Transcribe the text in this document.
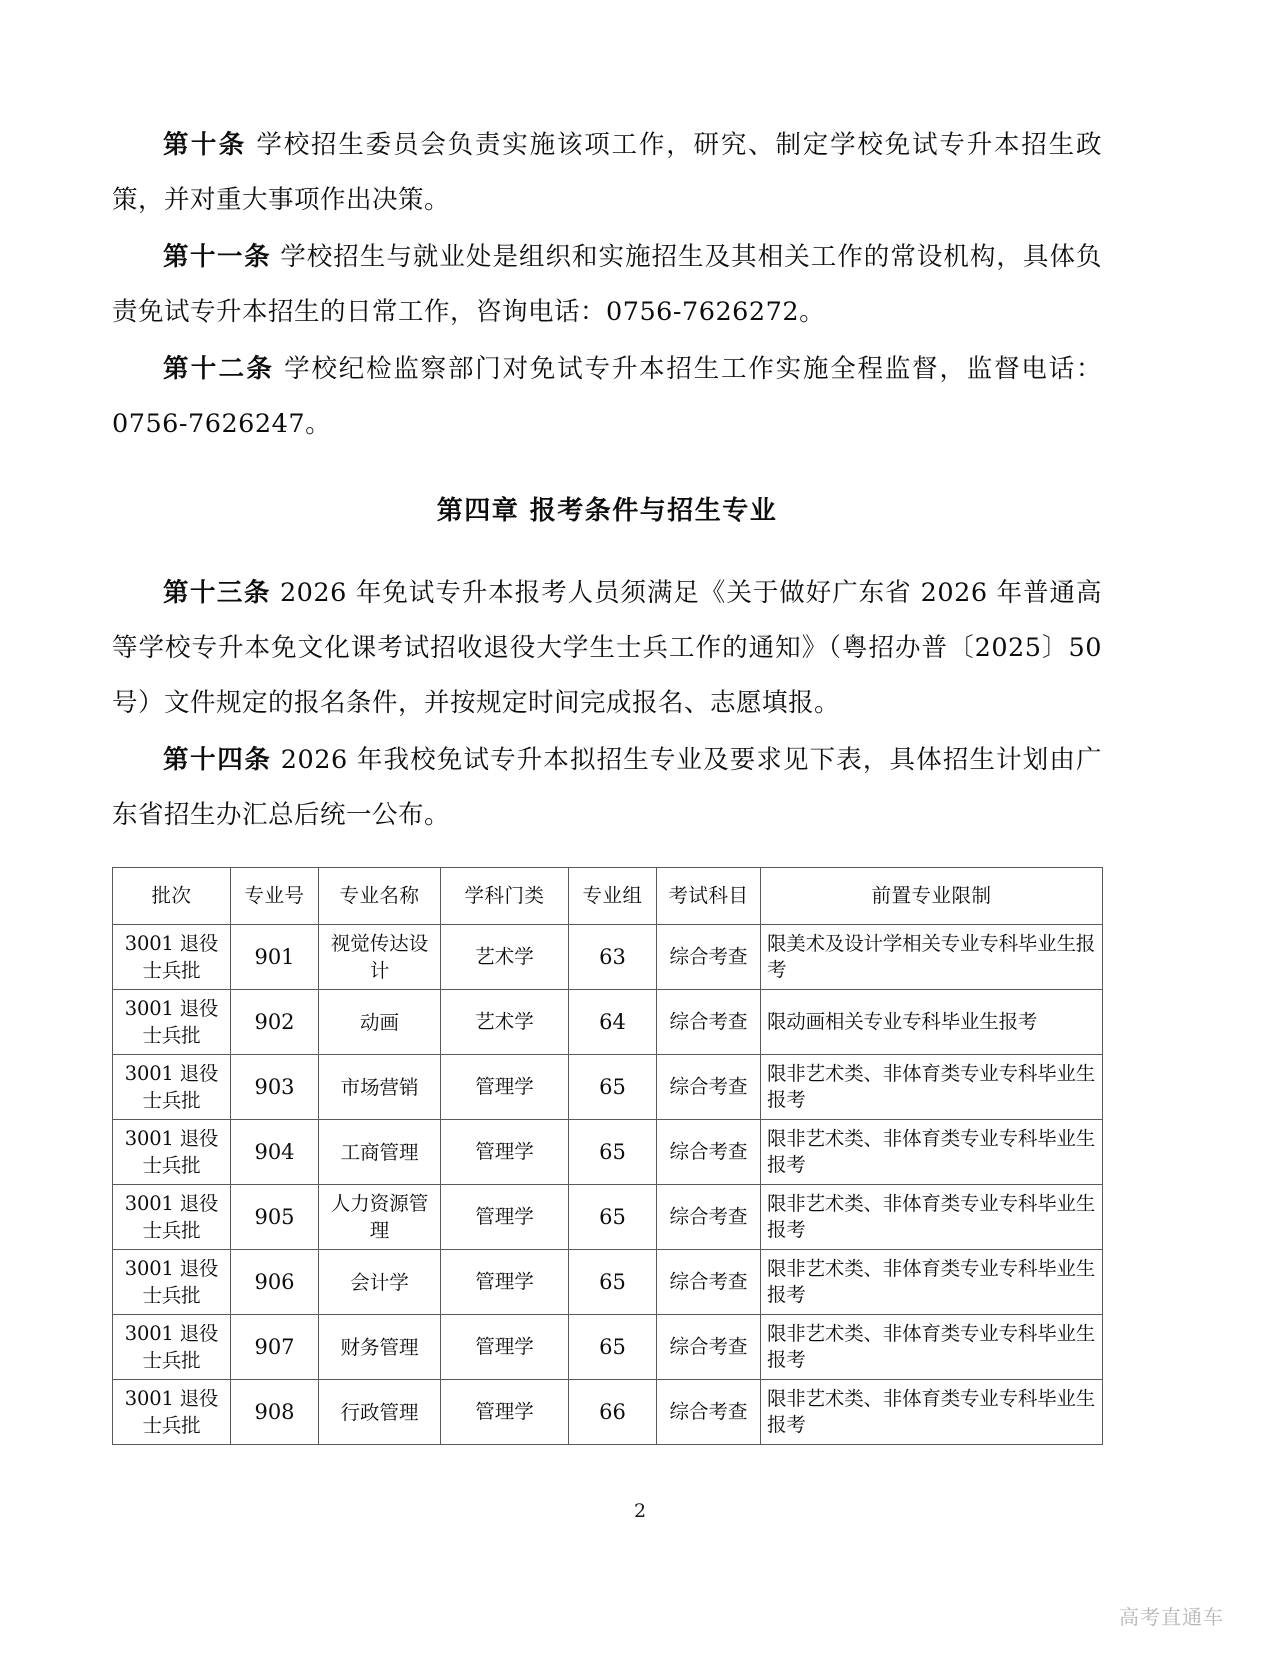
第十条 学校招生委员会负责实施该项工作，研究、制定学校免试专升本招生政策，并对重大事项作出决策。

第十一条 学校招生与就业处是组织和实施招生及其相关工作的常设机构，具体负责免试专升本招生的日常工作，咨询电话：0756-7626272。

第十二条 学校纪检监察部门对免试专升本招生工作实施全程监督，监督电话：0756-7626247。

第四章 报考条件与招生专业

第十三条 2026 年免试专升本报考人员须满足《关于做好广东省 2026 年普通高等学校专升本免文化课考试招收退役大学生士兵工作的通知》（粤招办普〔2025〕50 号）文件规定的报名条件，并按规定时间完成报名、志愿填报。

第十四条 2026 年我校免试专升本拟招生专业及要求见下表，具体招生计划由广东省招生办汇总后统一公布。

批次	专业号	专业名称	学科门类	专业组	考试科目	前置专业限制
3001 退役士兵批	901	视觉传达设计	艺术学	63	综合考查	限美术及设计学相关专业专科毕业生报考
3001 退役士兵批	902	动画	艺术学	64	综合考查	限动画相关专业专科毕业生报考
3001 退役士兵批	903	市场营销	管理学	65	综合考查	限非艺术类、非体育类专业专科毕业生报考
3001 退役士兵批	904	工商管理	管理学	65	综合考查	限非艺术类、非体育类专业专科毕业生报考
3001 退役士兵批	905	人力资源管理	管理学	65	综合考查	限非艺术类、非体育类专业专科毕业生报考
3001 退役士兵批	906	会计学	管理学	65	综合考查	限非艺术类、非体育类专业专科毕业生报考
3001 退役士兵批	907	财务管理	管理学	65	综合考查	限非艺术类、非体育类专业专科毕业生报考
3001 退役士兵批	908	行政管理	管理学	66	综合考查	限非艺术类、非体育类专业专科毕业生报考
2
高考直通车
